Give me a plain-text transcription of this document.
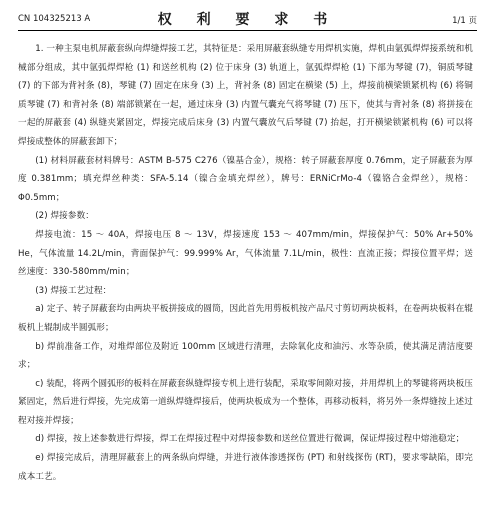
CN 104325213 A	权 利 要 求 书	1/1 页

1. 一种主泵电机屏蔽套纵向焊缝焊接工艺，其特征是：采用屏蔽套纵缝专用焊机实施，焊机由氩弧焊焊接系统和机械部分组成，其中氩弧焊焊枪 (1) 和送丝机构 (2) 位于床身 (3) 轨道上，氩弧焊焊枪 (1) 下部为琴键 (7)，铜质琴键 (7) 的下部为背衬条 (8)，琴键 (7) 固定在床身 (3) 上，背衬条 (8) 固定在横梁 (5) 上，焊接前横梁锁紧机构 (6) 将铜质琴键 (7) 和背衬条 (8) 端部锁紧在一起，通过床身 (3) 内置气囊充气将琴键 (7) 压下，使其与背衬条 (8) 将拼接在一起的屏蔽套 (4) 纵缝夹紧固定，焊接完成后床身 (3) 内置气囊放气后琴键 (7) 抬起，打开横梁锁紧机构 (6) 可以将焊接成整体的屏蔽套卸下；

(1) 材料屏蔽套材料牌号：ASTM B-575 C276（镍基合金），规格：转子屏蔽套厚度 0.76mm，定子屏蔽套为厚度 0.381mm；填充焊丝种类：SFA-5.14（镍合金填充焊丝），牌号：ERNiCrMo-4（镍铬合金焊丝），规格：Φ0.5mm；

(2) 焊接参数：

焊接电流：15 ～ 40A，焊接电压 8 ～ 13V，焊接速度 153 ～ 407mm/min，焊接保护气：50% Ar+50% He，气体流量 14.2L/min，背面保护气：99.999% Ar，气体流量 7.1L/min，极性：直流正接；焊接位置平焊；送丝速度：330-580mm/min；

(3) 焊接工艺过程：

a) 定子、转子屏蔽套均由两块平板拼接成的圆筒，因此首先用剪板机按产品尺寸剪切两块板料，在卷两块板料在辊板机上辊制成半圆弧形；

b) 焊前准备工作，对堆焊部位及附近 100mm 区域进行清理，去除氧化皮和油污、水等杂质，使其满足清洁度要求；

c) 装配，将两个圆弧形的板料在屏蔽套纵缝焊接专机上进行装配，采取零间隙对接，并用焊机上的琴键将两块板压紧固定，然后进行焊接，先完成第一道纵焊缝焊接后，使两块板成为一个整体，再移动板料，将另外一条焊缝按上述过程对接并焊接；

d) 焊接，按上述参数进行焊接，焊工在焊接过程中对焊接参数和送丝位置进行微调，保证焊接过程中熔池稳定；

e) 焊接完成后，清理屏蔽套上的两条纵向焊缝，并进行液体渗透探伤 (PT) 和射线探伤 (RT)，要求零缺陷，即完成本工艺。
